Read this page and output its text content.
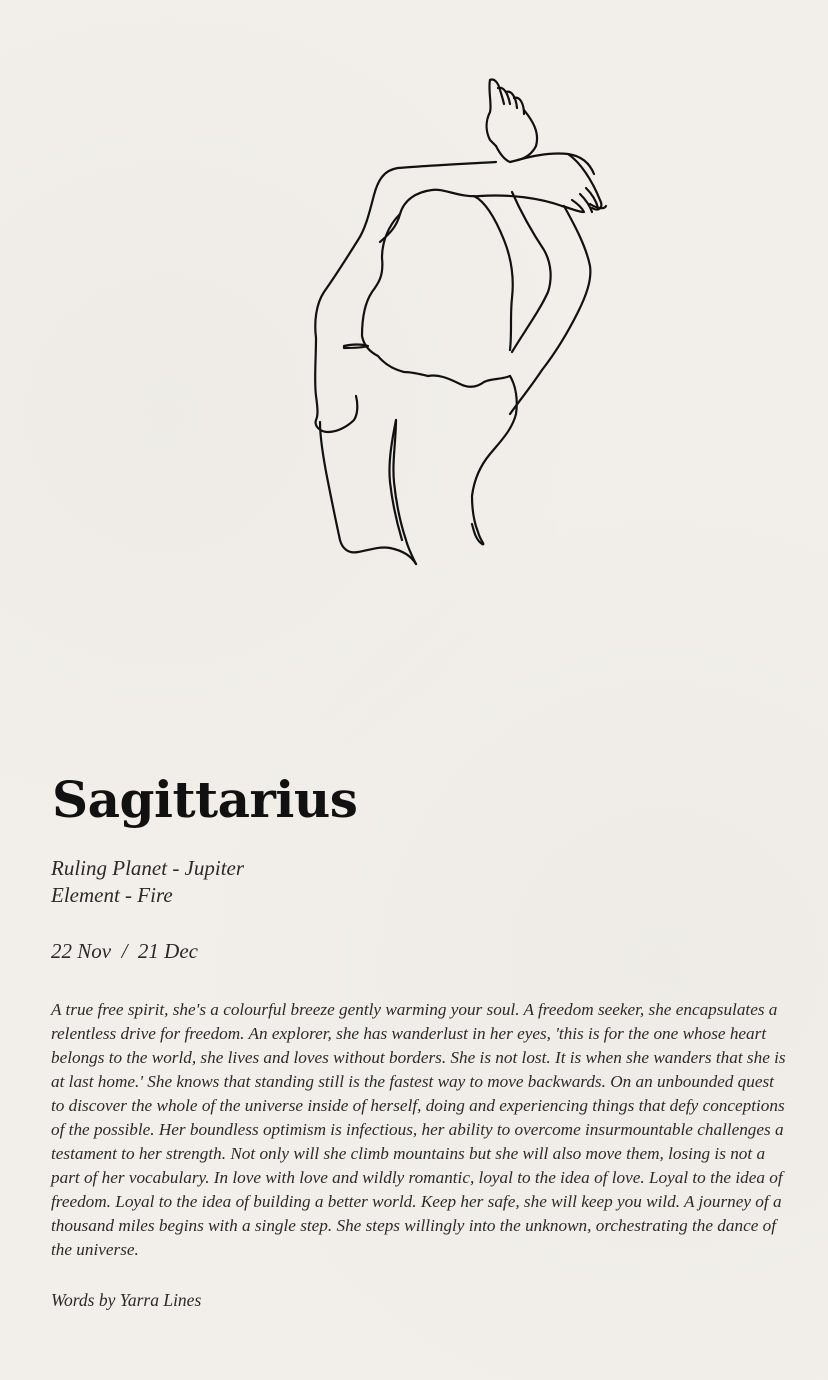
Sagittarius
Ruling Planet - Jupiter
Element - Fire
22 Nov  /  21 Dec
A true free spirit, she's a colourful breeze gently warming your soul. A freedom seeker, she encapsulates a relentless drive for freedom. An explorer, she has wanderlust in her eyes, 'this is for the one whose heart belongs to the world, she lives and loves without borders. She is not lost. It is when she wanders that she is at last home.' She knows that standing still is the fastest way to move backwards. On an unbounded quest to discover the whole of the universe inside of herself, doing and experiencing things that defy conceptions of the possible. Her boundless optimism is infectious, her ability to overcome insurmountable challenges a testament to her strength. Not only will she climb mountains but she will also move them, losing is not a part of her vocabulary. In love with love and wildly romantic, loyal to the idea of love. Loyal to the idea of freedom. Loyal to the idea of building a better world. Keep her safe, she will keep you wild. A journey of a thousand miles begins with a single step. She steps willingly into the unknown, orchestrating the dance of the universe.
Words by Yarra Lines
